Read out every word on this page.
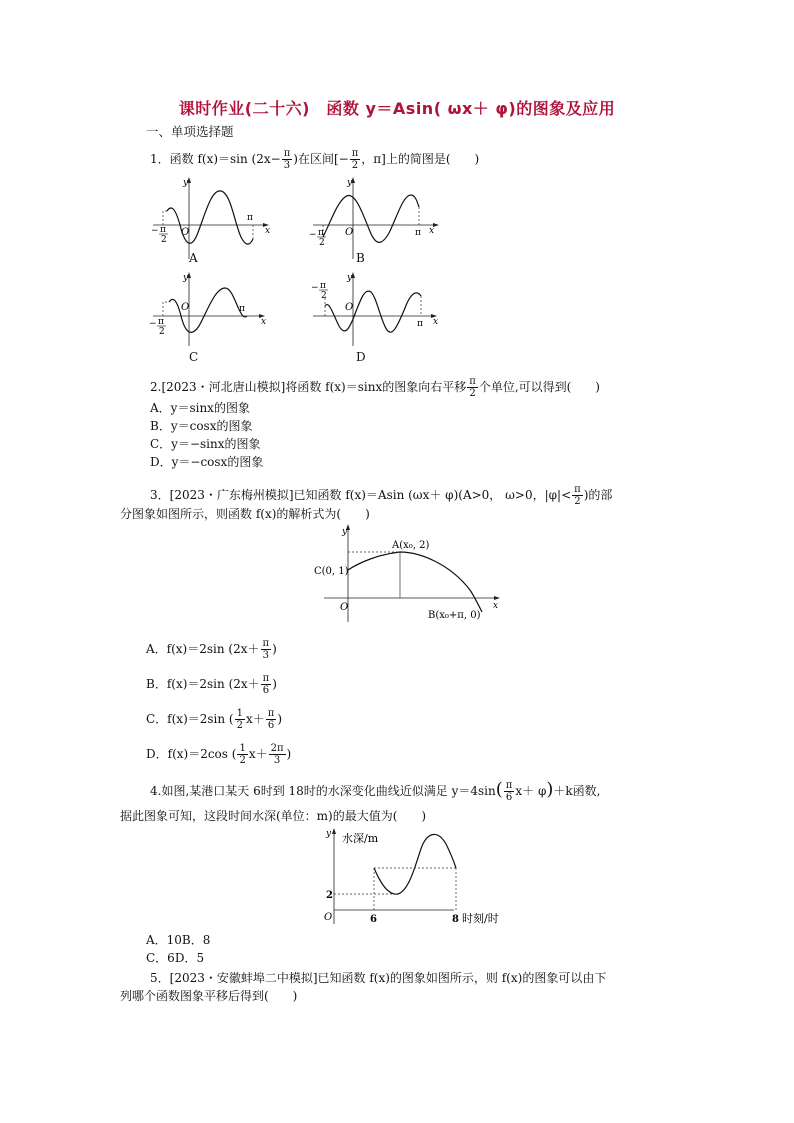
课时作业(二十六)　函数 y＝Asin( ωx＋ φ)的图象及应用
一、单项选择题
1．函数 f(x)＝sin ($2x- \frac{\pi}{3}$ )在区间[− $\frac{\pi}{2}$ ，π]上的简图是(　　)
x
y
O
π
− π
2
A
x
y
O	π
− π
2
B
x
y
O	π
− π
2
C
x
y
O
π
− π
2
D
2.[2023・河北唐山模拟]将函数 f(x)＝sinx的图象向右平移 $\frac{\pi}{2}$ 个单位,可以得到(　　)
A．y＝sinx的图象
B．y＝cosx的图象
C．y＝−sinx的图象
D．y＝−cosx的图象
3．[2023・广东梅州模拟]已知函数 f(x)＝Asin (ωx＋ φ)(A>0， ω>0，$|\varphi|< \frac{\pi}{2}$ )的部
分图象如图所示，则函数 f(x)的解析式为(　　)
x
y
O
A(x₀, 2)
C(0, 1)
B(x₀+π, 0)
A．f(x)＝2sin ($2x+ \frac{\pi}{3}$ )
B．f(x)＝2sin ($2x+ \frac{\pi}{6}$ )
C．f(x)＝2sin ( $\frac{1}{2} x+ \frac{\pi}{6}$ )
D．f(x)＝2cos ( $\frac{1}{2} x+ \frac{2\pi}{3}$ )
4.如图,某港口某天 6时到 18时的水深变化曲线近似满足 $y=4\sin( \frac{\pi}{6} x+ \varphi)+k$函数,
据此图象可知，这段时间水深(单位：m)的最大值为(　　)
y 水深/m
O
2
6	8 时刻/时
A．10B．8
C．6D．5
5．[2023・安徽蚌埠二中模拟]已知函数 f(x)的图象如图所示，则 f(x)的图象可以由下
列哪个函数图象平移后得到(　　)
